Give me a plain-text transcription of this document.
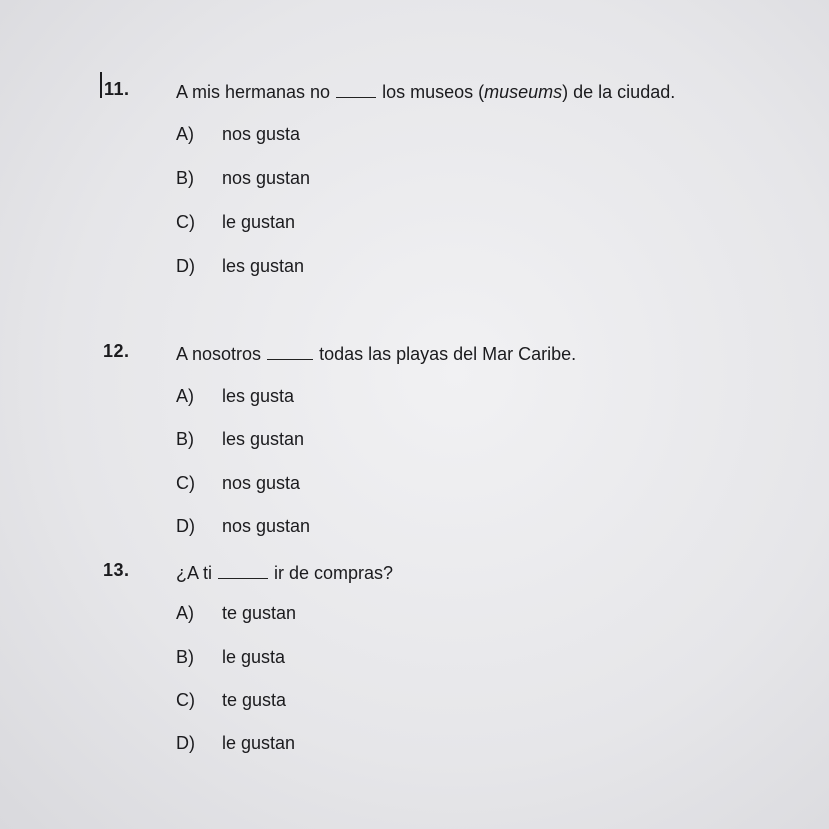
11.	A mis hermanas no	los museos (museums) de la ciudad.
A) nos gusta
B) nos gustan
C) le gustan
D) les gustan
12.	A nosotros	todas las playas del Mar Caribe.
A) les gusta
B) les gustan
C) nos gusta
D) nos gustan
13.	¿A ti	ir de compras?
A) te gustan
B) le gusta
C) te gusta
D) le gustan
